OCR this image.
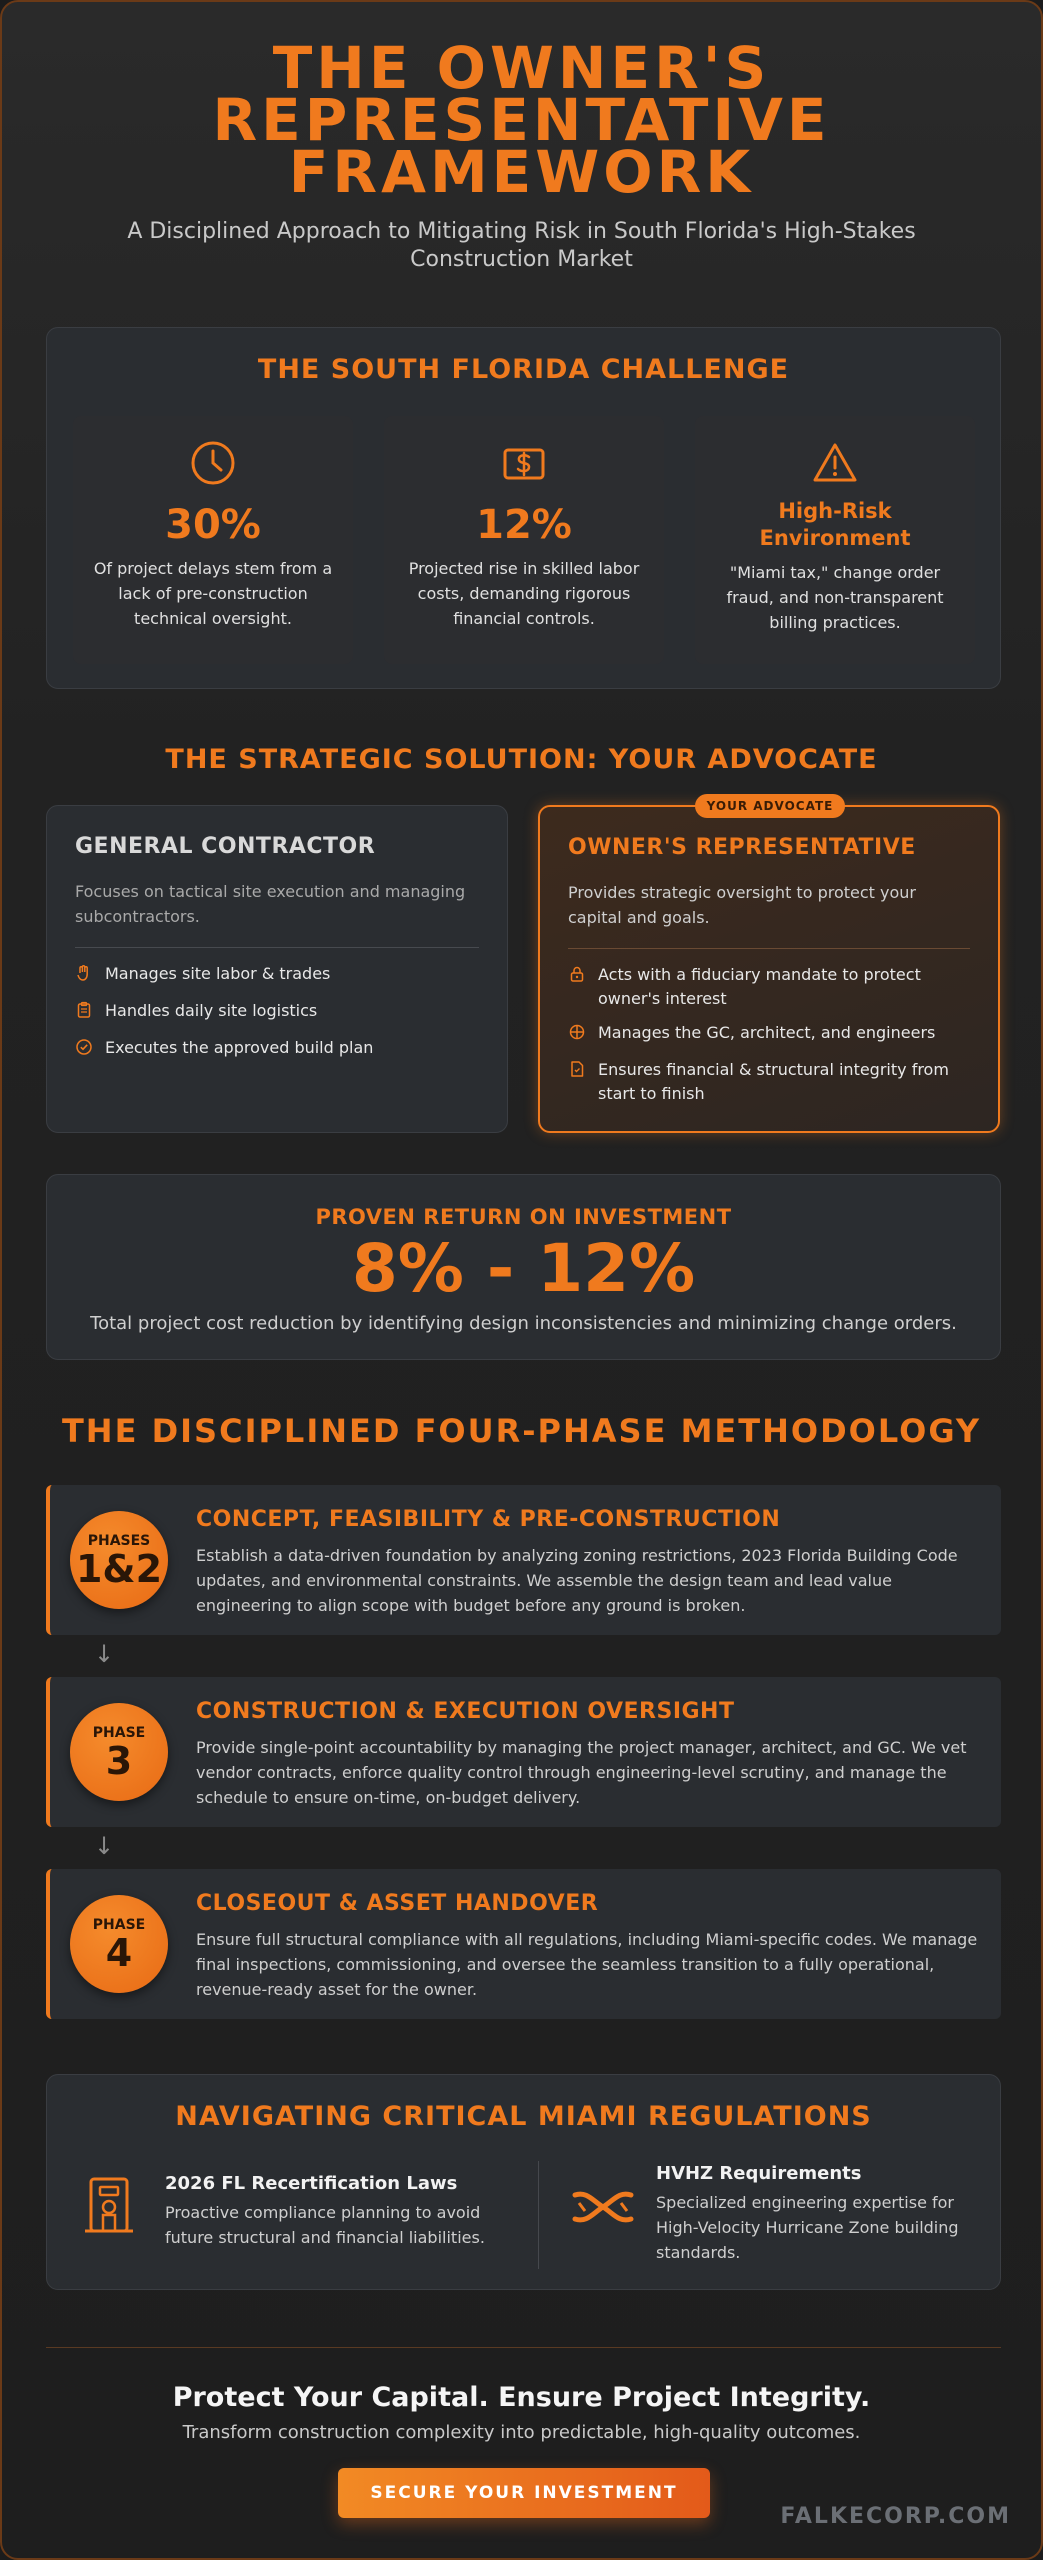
THE OWNER'S REPRESENTATIVE FRAMEWORK
A Disciplined Approach to Mitigating Risk in South Florida's High-Stakes Construction Market
THE SOUTH FLORIDA CHALLENGE
30%
Of project delays stem from a lack of pre-construction technical oversight.
12%
Projected rise in skilled labor costs, demanding rigorous financial controls.
High-Risk Environment
"Miami tax," change order fraud, and non-transparent billing practices.
THE STRATEGIC SOLUTION: YOUR ADVOCATE
GENERAL CONTRACTOR
Focuses on tactical site execution and managing subcontractors.
Manages site labor & trades
Handles daily site logistics
Executes the approved build plan
YOUR ADVOCATE
OWNER'S REPRESENTATIVE
Provides strategic oversight to protect your capital and goals.
Acts with a fiduciary mandate to protect owner's interest
Manages the GC, architect, and engineers
Ensures financial & structural integrity from start to finish
PROVEN RETURN ON INVESTMENT
8% - 12%
Total project cost reduction by identifying design inconsistencies and minimizing change orders.
THE DISCIPLINED FOUR-PHASE METHODOLOGY
PHASES
1&2
CONCEPT, FEASIBILITY & PRE-CONSTRUCTION

Establish a data-driven foundation by analyzing zoning restrictions, 2023 Florida Building Code updates, and environmental constraints. We assemble the design team and lead value engineering to align scope with budget before any ground is broken.

↓
PHASE
3
CONSTRUCTION & EXECUTION OVERSIGHT

Provide single-point accountability by managing the project manager, architect, and GC. We vet vendor contracts, enforce quality control through engineering-level scrutiny, and manage the schedule to ensure on-time, on-budget delivery.

↓
PHASE
4
CLOSEOUT & ASSET HANDOVER

Ensure full structural compliance with all regulations, including Miami-specific codes. We manage final inspections, commissioning, and oversee the seamless transition to a fully operational, revenue-ready asset for the owner.

NAVIGATING CRITICAL MIAMI REGULATIONS
2026 FL Recertification Laws

Proactive compliance planning to avoid future structural and financial liabilities.

HVHZ Requirements

Specialized engineering expertise for High-Velocity Hurricane Zone building standards.

Protect Your Capital. Ensure Project Integrity.
Transform construction complexity into predictable, high-quality outcomes.
SECURE YOUR INVESTMENT
FALKECORP.COM
